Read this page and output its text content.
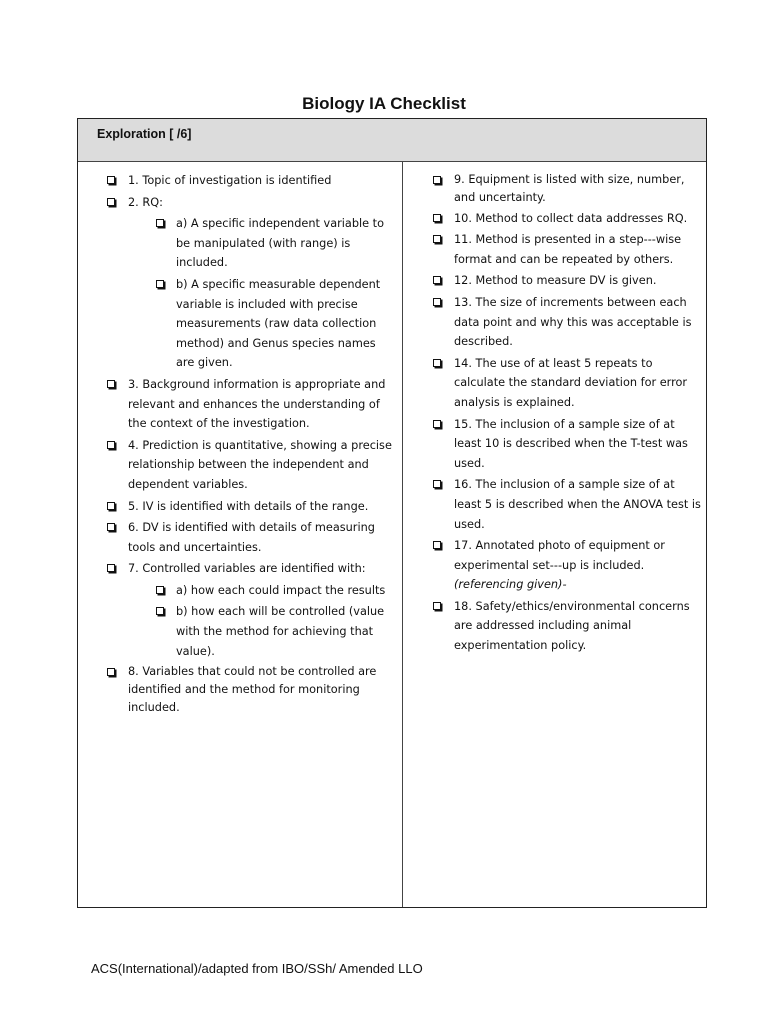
Biology IA Checklist
Exploration [ /6]
1. Topic of investigation is identified
2. RQ:
a) A specific independent variable to be manipulated (with range) is included.
b) A specific measurable dependent variable is included with precise measurements (raw data collection method) and Genus species names are given.
3. Background information is appropriate and relevant and enhances the understanding of the context of the investigation.
4. Prediction is quantitative, showing a precise relationship between the independent and dependent variables.
5. IV is identified with details of the range.
6. DV is identified with details of measuring tools and uncertainties.
7. Controlled variables are identified with:
a) how each could impact the results
b) how each will be controlled (value with the method for achieving that value).
8. Variables that could not be controlled are identified and the method for monitoring included.
9. Equipment is listed with size, number, and uncertainty.
10. Method to collect data addresses RQ.
11. Method is presented in a step---wise format and can be repeated by others.
12. Method to measure DV is given.
13. The size of increments between each data point and why this was acceptable is described.
14. The use of at least 5 repeats to calculate the standard deviation for error analysis is explained.
15. The inclusion of a sample size of at least 10 is described when the T-test was used.
16. The inclusion of a sample size of at least 5 is described when the ANOVA test is used.
17. Annotated photo of equipment or experimental set---up is included.
(referencing given)-
18. Safety/ethics/environmental concerns are addressed including animal experimentation policy.
ACS(International)/adapted from IBO/SSh/ Amended LLO
